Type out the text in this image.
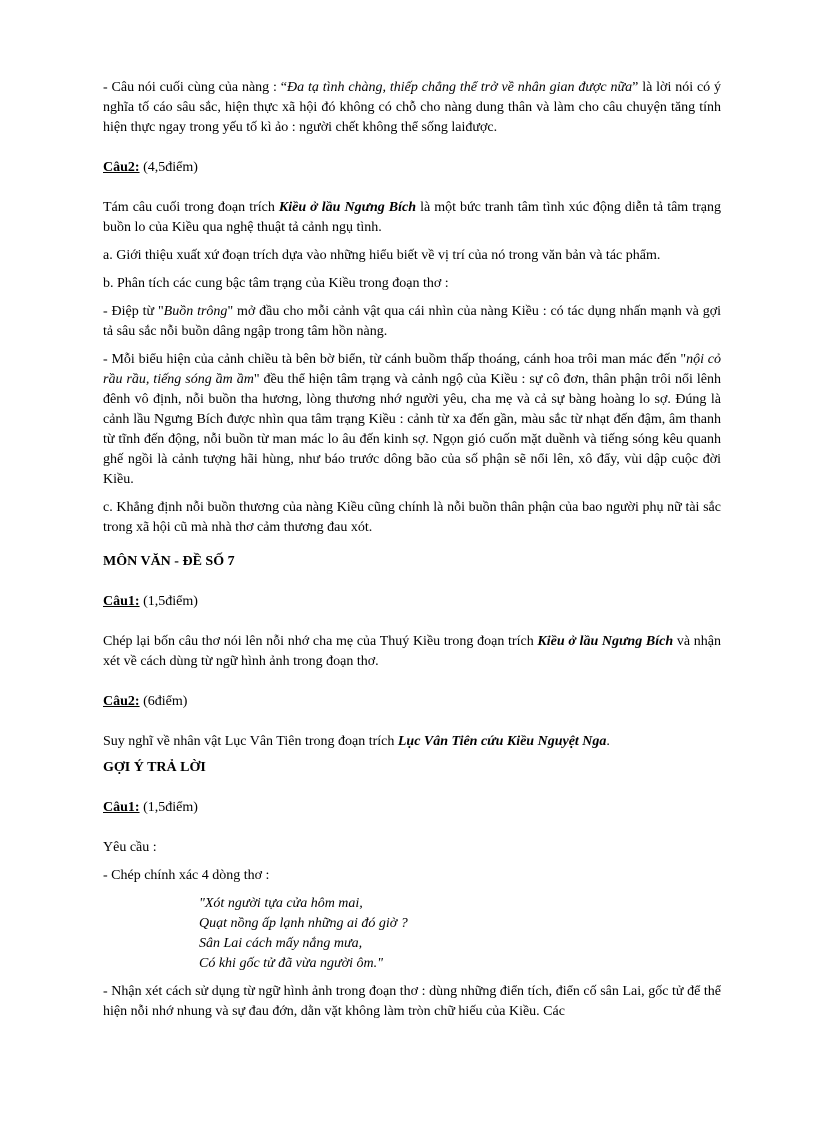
- Câu nói cuối cùng của nàng : “Đa tạ tình chàng, thiếp chẳng thể trở về nhân gian được nữa” là lời nói có ý nghĩa tố cáo sâu sắc, hiện thực xã hội đó không có chỗ cho nàng dung thân và làm cho câu chuyện tăng tính hiện thực ngay trong yếu tố kì ảo : người chết không thể sống laiđược.

Câu2: (4,5điểm)

Tám câu cuối trong đoạn trích Kiều ở lầu Ngưng Bích là một bức tranh tâm tình xúc động diễn tả tâm trạng buồn lo của Kiều qua nghệ thuật tả cảnh ngụ tình.

a. Giới thiệu xuất xứ đoạn trích dựa vào những hiểu biết về vị trí của nó trong văn bản và tác phẩm.

b. Phân tích các cung bậc tâm trạng của Kiều trong đoạn thơ :

- Điệp từ "Buồn trông" mở đầu cho mỗi cảnh vật qua cái nhìn của nàng Kiều : có tác dụng nhấn mạnh và gợi tả sâu sắc nỗi buồn dâng ngập trong tâm hồn nàng.

- Mỗi biểu hiện của cảnh chiều tà bên bờ biển, từ cánh buồm thấp thoáng, cánh hoa trôi man mác đến "nội cỏ rầu rầu, tiếng sóng ầm ầm" đều thể hiện tâm trạng và cảnh ngộ của Kiều : sự cô đơn, thân phận trôi nổi lênh đênh vô định, nỗi buồn tha hương, lòng thương nhớ người yêu, cha mẹ và cả sự bàng hoàng lo sợ. Đúng là cảnh lầu Ngưng Bích được nhìn qua tâm trạng Kiều : cảnh từ xa đến gần, màu sắc từ nhạt đến đậm, âm thanh từ tĩnh đến động, nỗi buồn từ man mác lo âu đến kinh sợ. Ngọn gió cuốn mặt duềnh và tiếng sóng kêu quanh ghế ngồi là cảnh tượng hãi hùng, như báo trước dông bão của số phận sẽ nổi lên, xô đẩy, vùi dập cuộc đời Kiều.

c. Khẳng định nỗi buồn thương của nàng Kiều cũng chính là nỗi buồn thân phận của bao người phụ nữ tài sắc trong xã hội cũ mà nhà thơ cảm thương đau xót.

MÔN VĂN - ĐỀ SỐ 7

Câu1: (1,5điểm)

Chép lại bốn câu thơ nói lên nỗi nhớ cha mẹ của Thuý Kiều trong đoạn trích Kiều ở lầu Ngưng Bích và nhận xét về cách dùng từ ngữ hình ảnh trong đoạn thơ.

Câu2: (6điểm)

Suy nghĩ về nhân vật Lục Vân Tiên trong đoạn trích Lục Vân Tiên cứu Kiều Nguyệt Nga.

GỢI Ý TRẢ LỜI

Câu1: (1,5điểm)

Yêu cầu :

- Chép chính xác 4 dòng thơ :

"Xót người tựa cửa hôm mai,
Quạt nồng ấp lạnh những ai đó giờ ?
Sân Lai cách mấy nắng mưa,
Có khi gốc tử đã vừa người ôm."

- Nhận xét cách sử dụng từ ngữ hình ảnh trong đoạn thơ : dùng những điển tích, điển cố sân Lai, gốc tử để thể hiện nỗi nhớ nhung và sự đau đớn, dằn vặt không làm tròn chữ hiếu của Kiều. Các
